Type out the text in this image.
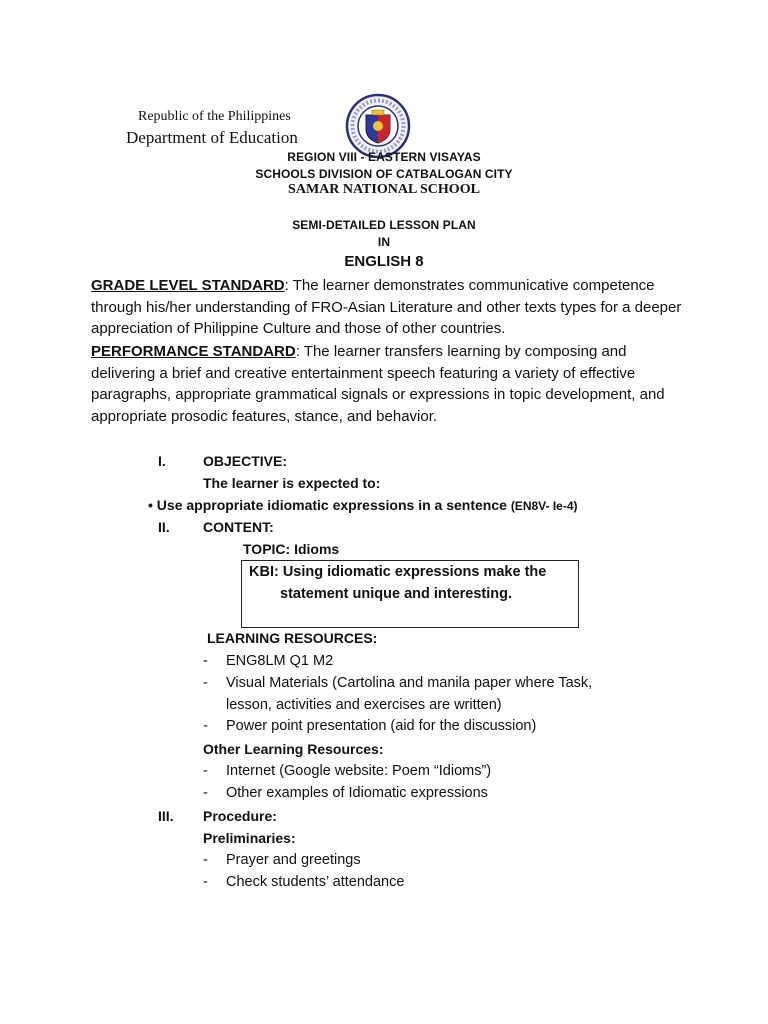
Republic of the Philippines
Department of Education
REGION VIII - EASTERN VISAYAS
SCHOOLS DIVISION OF CATBALOGAN CITY
SAMAR NATIONAL SCHOOL
SEMI-DETAILED LESSON PLAN
IN
ENGLISH 8
GRADE LEVEL STANDARD: The learner demonstrates communicative competence through his/her understanding of FRO-Asian Literature and other texts types for a deeper appreciation of Philippine Culture and those of other countries.
PERFORMANCE STANDARD: The learner transfers learning by composing and delivering a brief and creative entertainment speech featuring a variety of effective paragraphs, appropriate grammatical signals or expressions in topic development, and appropriate prosodic features, stance, and behavior.
I.	OBJECTIVE:
The learner is expected to:
• Use appropriate idiomatic expressions in a sentence (EN8V- Ie-4)
II. CONTENT:
TOPIC: Idioms
KBI: Using idiomatic expressions make the
statement unique and interesting.
LEARNING RESOURCES:
- ENG8LM Q1 M2
- Visual Materials (Cartolina and manila paper where Task,
lesson, activities and exercises are written)
- Power point presentation (aid for the discussion)
Other Learning Resources:
- Internet (Google website: Poem “Idioms”)
- Other examples of Idiomatic expressions
III. Procedure:
Preliminaries:
- Prayer and greetings
- Check students’ attendance
